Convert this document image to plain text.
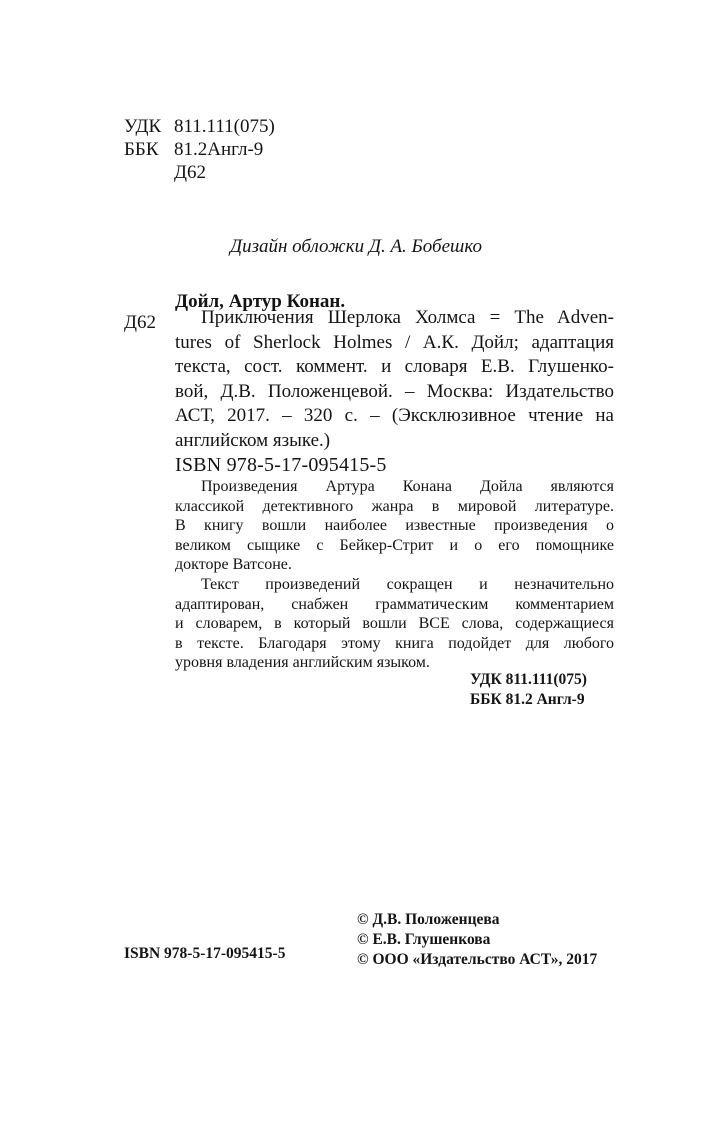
УДК 811.111(075)
ББК 81.2Англ-9
Д62
Дизайн обложки Д. А. Бобешко
Дойл, Артур Конан.
Д62	Приключения Шерлока Холмса = The Adven-
tures of Sherlock Holmes / А.К. Дойл; адаптация
текста, сост. коммент. и словаря Е.В. Глушенко-
вой, Д.В. Положенцевой. – Москва: Издательство
АСТ, 2017. – 320 с. – (Эксклюзивное чтение на
английском языке.)
ISBN 978-5-17-095415-5
Произведения Артура Конана Дойла являются
классикой детективного жанра в мировой литературе.
В книгу вошли наиболее известные произведения о
великом сыщике с Бейкер-Стрит и о его помощнике
докторе Ватсоне.
Текст произведений сокращен и незначительно
адаптирован, снабжен грамматическим комментарием
и словарем, в который вошли ВСЕ слова, содержащиеся
в тексте. Благодаря этому книга подойдет для любого
уровня владения английским языком.
УДК 811.111(075)
ББК 81.2 Англ-9
ISBN 978-5-17-095415-5
© Д.В. Положенцева
© Е.В. Глушенкова
© ООО «Издательство АСТ», 2017
